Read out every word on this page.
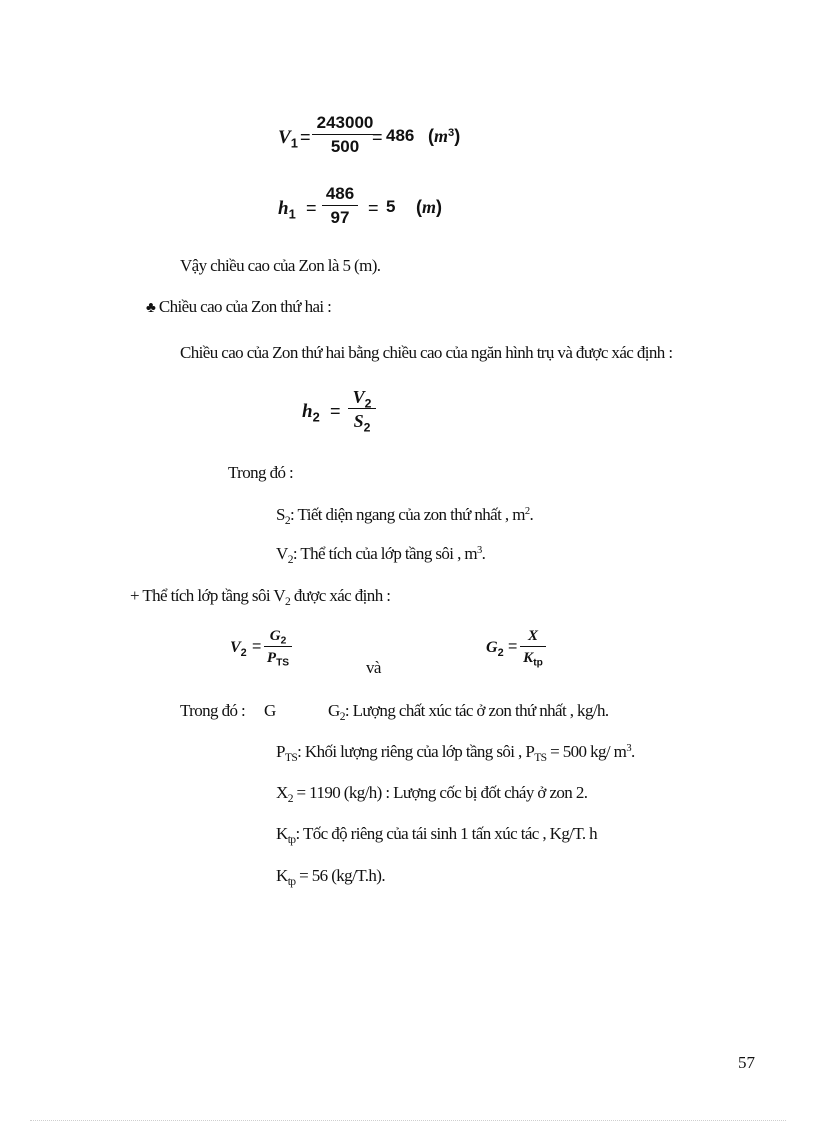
$V_1$ =
243000
500 = 486 $(m^3)$
$h_1$ =
486
97	= 5 (m)
Vậy chiều cao của Zon là 5 (m).
♣ Chiều cao của Zon thứ hai :
Chiều cao của Zon thứ hai bằng chiều cao của ngăn hình trụ và được xác định :
$h_2$ =
$V_2$
$S_2$
Trong đó :
$S_2$: Tiết diện ngang của zon thứ nhất , $m^2$.
$V_2$: Thể tích của lớp tầng sôi , $m^3$.
+ Thể tích lớp tầng sôi $V_2$ được xác định :
$V_2$ =
$G_2$
$P_{TS}$	và
$G_2$ =
X
$K_{tp}$
Trong đó : G	$G_2$: Lượng chất xúc tác ở zon thứ nhất , kg/h.
$P_{TS}$: Khối lượng riêng của lớp tầng sôi , $P_{TS} = 500$ kg/ $m^3$.
$X_2 = 1190$ (kg/h) : Lượng cốc bị đốt cháy ở zon 2.
$K_{tp}$: Tốc độ riêng của tái sinh 1 tấn xúc tác , Kg/T. h
$K_{tp} = 56$ (kg/T.h).
57
